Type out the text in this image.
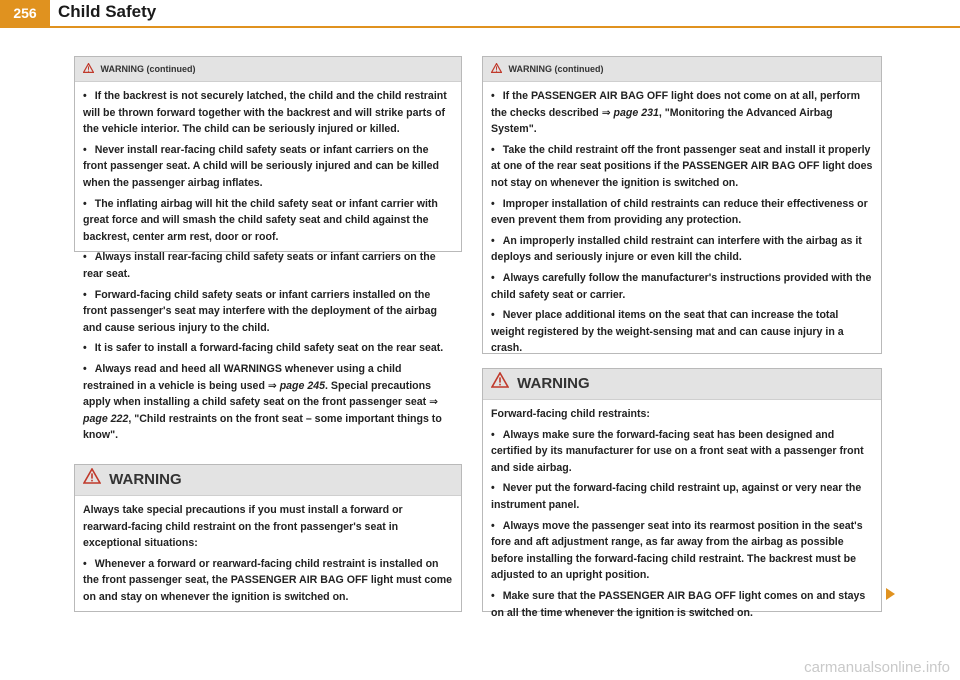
256	Child Safety
WARNING (continued)

• If the backrest is not securely latched, the child and the child restraint will be thrown forward together with the backrest and will strike parts of the vehicle interior. The child can be seriously injured or killed.

• Never install rear-facing child safety seats or infant carriers on the front passenger seat. A child will be seriously injured and can be killed when the passenger airbag inflates.

• The inflating airbag will hit the child safety seat or infant carrier with great force and will smash the child safety seat and child against the backrest, center arm rest, door or roof.

• Always install rear-facing child safety seats or infant carriers on the rear seat.

• Forward-facing child safety seats or infant carriers installed on the front passenger's seat may interfere with the deployment of the airbag and cause serious injury to the child.

• It is safer to install a forward-facing child safety seat on the rear seat.

• Always read and heed all WARNINGS whenever using a child restrained in a vehicle is being used ⇒ page 245. Special precautions apply when installing a child safety seat on the front passenger seat ⇒ page 222, "Child restraints on the front seat – some important things to know".

WARNING

Always take special precautions if you must install a forward or rearward-facing child restraint on the front passenger's seat in exceptional situations:

• Whenever a forward or rearward-facing child restraint is installed on the front passenger seat, the PASSENGER AIR BAG OFF light must come on and stay on whenever the ignition is switched on.

WARNING (continued)

• If the PASSENGER AIR BAG OFF light does not come on at all, perform the checks described ⇒ page 231, "Monitoring the Advanced Airbag System".

• Take the child restraint off the front passenger seat and install it properly at one of the rear seat positions if the PASSENGER AIR BAG OFF light does not stay on whenever the ignition is switched on.

• Improper installation of child restraints can reduce their effectiveness or even prevent them from providing any protection.

• An improperly installed child restraint can interfere with the airbag as it deploys and seriously injure or even kill the child.

• Always carefully follow the manufacturer's instructions provided with the child safety seat or carrier.

• Never place additional items on the seat that can increase the total weight registered by the weight-sensing mat and can cause injury in a crash.

WARNING

Forward-facing child restraints:

• Always make sure the forward-facing seat has been designed and certified by its manufacturer for use on a front seat with a passenger front and side airbag.

• Never put the forward-facing child restraint up, against or very near the instrument panel.

• Always move the passenger seat into its rearmost position in the seat's fore and aft adjustment range, as far away from the airbag as possible before installing the forward-facing child restraint. The backrest must be adjusted to an upright position.

• Make sure that the PASSENGER AIR BAG OFF light comes on and stays on all the time whenever the ignition is switched on.

carmanualsonline.info
